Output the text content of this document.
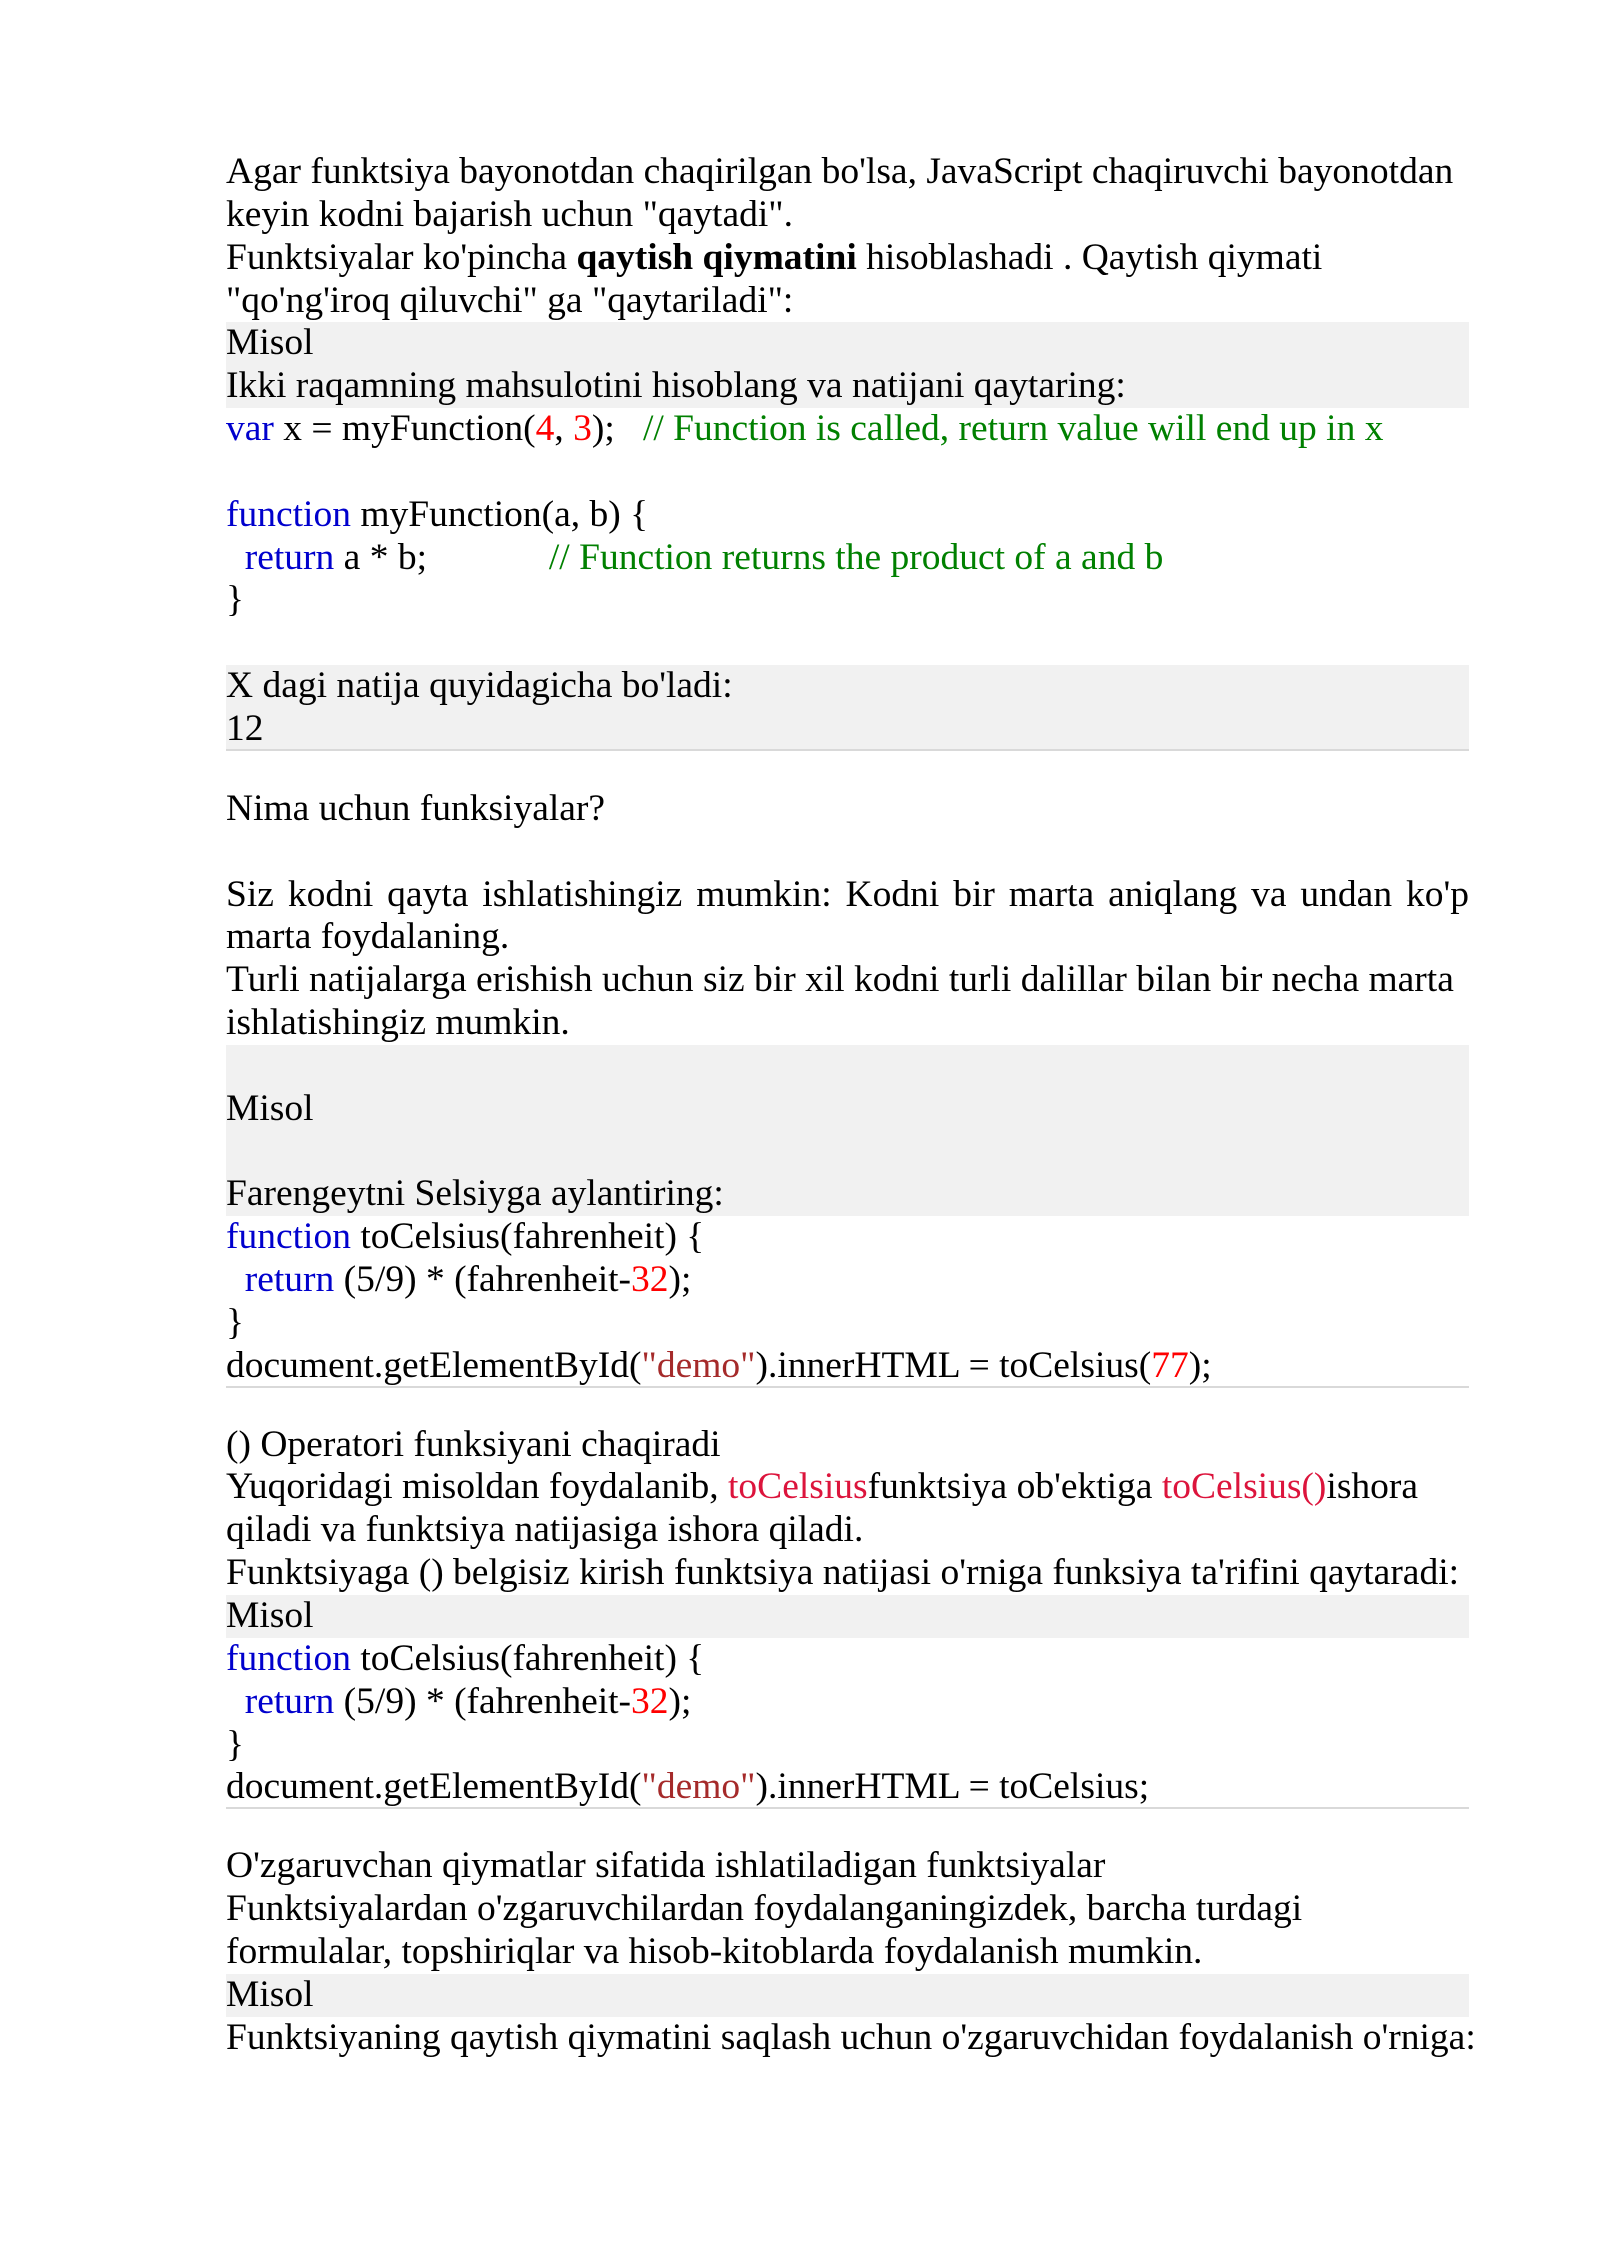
Agar funktsiya bayonotdan chaqirilgan bo'lsa, JavaScript chaqiruvchi bayonotdan
keyin kodni bajarish uchun "qaytadi".
Funktsiyalar ko'pincha qaytish qiymatini hisoblashadi . Qaytish qiymati
"qo'ng'iroq qiluvchi" ga "qaytariladi":
Misol
Ikki raqamning mahsulotini hisoblang va natijani qaytaring:
var x = myFunction(4, 3);   // Function is called, return value will end up in x
function myFunction(a, b) {
return a * b;             // Function returns the product of a and b
}
X dagi natija quyidagicha bo'ladi:
12
Nima uchun funksiyalar?
Siz kodni qayta ishlatishingiz mumkin: Kodni bir marta aniqlang va undan ko'p
marta foydalaning.
Turli natijalarga erishish uchun siz bir xil kodni turli dalillar bilan bir necha marta
ishlatishingiz mumkin.
Misol
Farengeytni Selsiyga aylantiring:
function toCelsius(fahrenheit) {
return (5/9) * (fahrenheit-32);
}
document.getElementById("demo").innerHTML = toCelsius(77);
() Operatori funksiyani chaqiradi
Yuqoridagi misoldan foydalanib, toCelsiusfunktsiya ob'ektiga toCelsius()ishora
qiladi va funktsiya natijasiga ishora qiladi.
Funktsiyaga () belgisiz kirish funktsiya natijasi o'rniga funksiya ta'rifini qaytaradi:
Misol
function toCelsius(fahrenheit) {
return (5/9) * (fahrenheit-32);
}
document.getElementById("demo").innerHTML = toCelsius;
O'zgaruvchan qiymatlar sifatida ishlatiladigan funktsiyalar
Funktsiyalardan o'zgaruvchilardan foydalanganingizdek, barcha turdagi
formulalar, topshiriqlar va hisob-kitoblarda foydalanish mumkin.
Misol
Funktsiyaning qaytish qiymatini saqlash uchun o'zgaruvchidan foydalanish o'rniga:
